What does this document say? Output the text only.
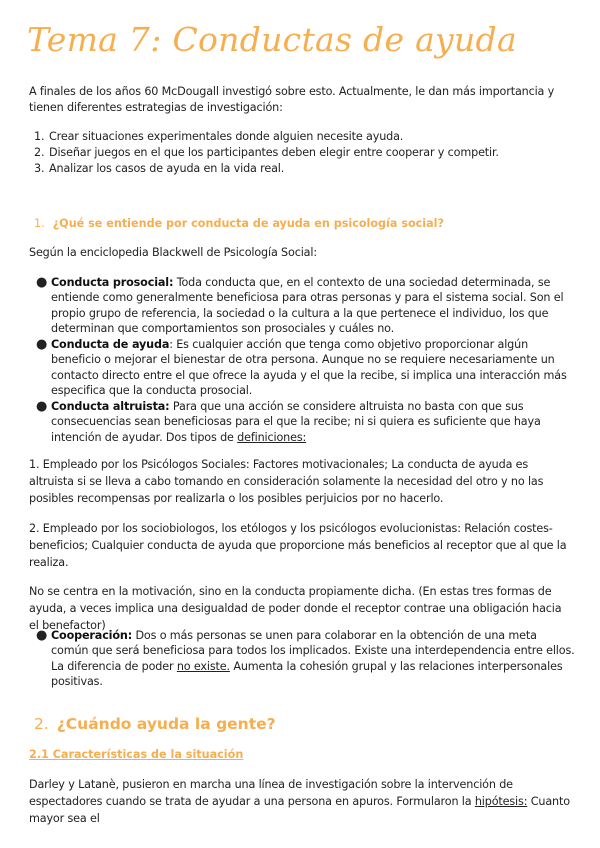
Tema 7: Conductas de ayuda
A finales de los años 60 McDougall investigó sobre esto. Actualmente, le dan más importancia y tienen diferentes estrategias de investigación:
1. Crear situaciones experimentales donde alguien necesite ayuda.
2. Diseñar juegos en el que los participantes deben elegir entre cooperar y competir.
3. Analizar los casos de ayuda en la vida real.
1. ¿Qué se entiende por conducta de ayuda en psicología social?
Según la enciclopedia Blackwell de Psicología Social:
● Conducta prosocial: Toda conducta que, en el contexto de una sociedad determinada, se entiende como generalmente beneficiosa para otras personas y para el sistema social. Son el propio grupo de referencia, la sociedad o la cultura a la que pertenece el individuo, los que determinan que comportamientos son prosociales y cuáles no.
● Conducta de ayuda: Es cualquier acción que tenga como objetivo proporcionar algún beneficio o mejorar el bienestar de otra persona. Aunque no se requiere necesariamente un contacto directo entre el que ofrece la ayuda y el que la recibe, si implica una interacción más especifica que la conducta prosocial.
● Conducta altruista: Para que una acción se considere altruista no basta con que sus consecuencias sean beneficiosas para el que la recibe; ni si quiera es suficiente que haya intención de ayudar. Dos tipos de definiciones:
1. Empleado por los Psicólogos Sociales: Factores motivacionales; La conducta de ayuda es altruista si se lleva a cabo tomando en consideración solamente la necesidad del otro y no las posibles recompensas por realizarla o los posibles perjuicios por no hacerlo.
2. Empleado por los sociobiologos, los etólogos y los psicólogos evolucionistas: Relación costes-beneficios; Cualquier conducta de ayuda que proporcione más beneficios al receptor que al que la realiza.
No se centra en la motivación, sino en la conducta propiamente dicha. (En estas tres formas de ayuda, a veces implica una desigualdad de poder donde el receptor contrae una obligación hacia el benefactor)
● Cooperación: Dos o más personas se unen para colaborar en la obtención de una meta común que será beneficiosa para todos los implicados. Existe una interdependencia entre ellos. La diferencia de poder no existe. Aumenta la cohesión grupal y las relaciones interpersonales positivas.
2. ¿Cuándo ayuda la gente?
2.1 Características de la situación
Darley y Latanè, pusieron en marcha una línea de investigación sobre la intervención de espectadores cuando se trata de ayudar a una persona en apuros. Formularon la hipótesis: Cuanto mayor sea el
